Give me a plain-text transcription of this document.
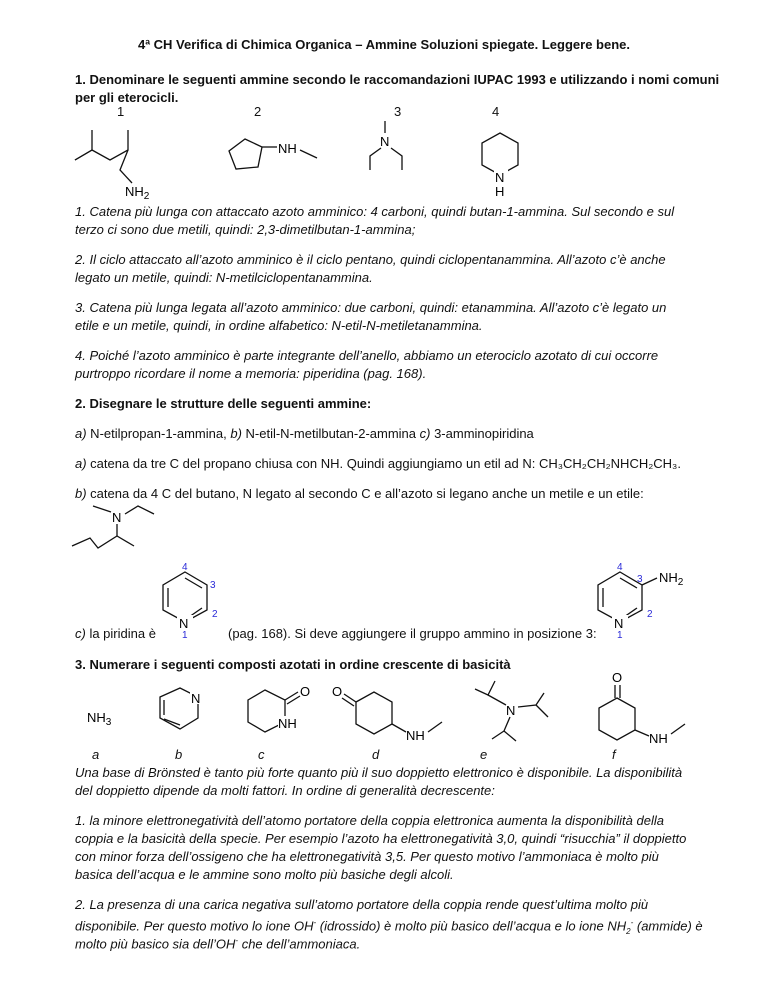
4ª CH Verifica di Chimica Organica – Ammine Soluzioni spiegate. Leggere bene.
1. Denominare le seguenti ammine secondo le raccomandazioni IUPAC 1993 e utilizzando i nomi comuni
per gli eterocicli.
1	2	3	4
$NH_2$
NH	N
N
H
1. Catena più lunga con attaccato azoto amminico: 4 carboni, quindi butan-1-ammina. Sul secondo e sul
terzo ci sono due metili, quindi: 2,3-dimetilbutan-1-ammina;
2. Il ciclo attaccato all’azoto amminico è il ciclo pentano, quindi ciclopentanammina. All’azoto c’è anche
legato un metile, quindi: N-metilciclopentanammina.
3. Catena più lunga legata all’azoto amminico: due carboni, quindi: etanammina. All’azoto c’è legato un
etile e un metile, quindi, in ordine alfabetico: N-etil-N-metiletanammina.
4. Poiché l’azoto amminico è parte integrante dell’anello, abbiamo un eterociclo azotato di cui occorre
purtroppo ricordare il nome a memoria: piperidina (pag. 168).
2. Disegnare le strutture delle seguenti ammine:
a) N-etilpropan-1-ammina, b) N-etil-N-metilbutan-2-ammina c) 3-amminopiridina
a) catena da tre C del propano chiusa con NH. Quindi aggiungiamo un etil ad N: CH₃CH₂CH₂NHCH₂CH₃.
b) catena da 4 C del butano, N legato al secondo C e all’azoto si legano anche un metile e un etile:
N
c) la piridina è
N
4
3
2
1	(pag. 168). Si deve aggiungere il gruppo ammino in posizione 3:
N
$NH_2$
4
3
2
1
3. Numerare i seguenti composti azotati in ordine crescente di basicità
$NH_3$
N	O
NH
O
NH
N
O
NH
a	b	c	d	e	f
Una base di Brönsted è tanto più forte quanto più il suo doppietto elettronico è disponibile. La disponibilità
del doppietto dipende da molti fattori. In ordine di generalità decrescente:
1. la minore elettronegatività dell’atomo portatore della coppia elettronica aumenta la disponibilità della
coppia e la basicità della specie. Per esempio l’azoto ha elettronegatività 3,0, quindi “risucchia” il doppietto
con minor forza dell’ossigeno che ha elettronegatività 3,5. Per questo motivo l’ammoniaca è molto più
basica dell’acqua e le ammine sono molto più basiche degli alcoli.
2. La presenza di una carica negativa sull’atomo portatore della coppia rende quest’ultima molto più
disponibile. Per questo motivo lo ione OH- (idrossido) è molto più basico dell’acqua e lo ione $NH_2^-$ (ammide) è
molto più basico sia dell’OH- che dell’ammoniaca.
